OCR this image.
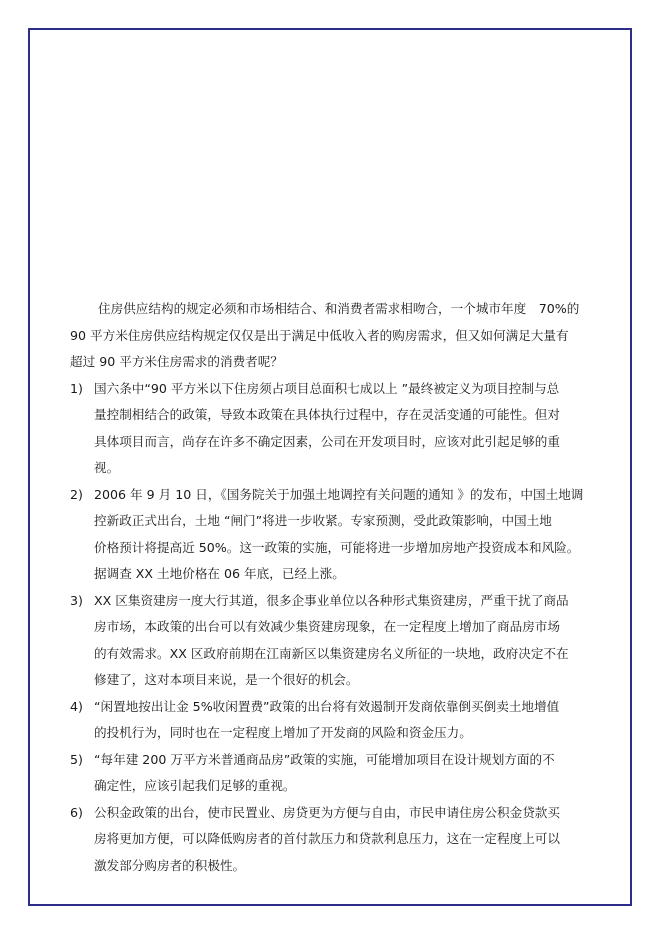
住房供应结构的规定必须和市场相结合、和消费者需求相吻合，一个城市年度　70%的
90 平方米住房供应结构规定仅仅是出于满足中低收入者的购房需求，但又如何满足大量有
超过 90 平方米住房需求的消费者呢？

1) 国六条中“90 平方米以下住房须占项目总面积七成以上 ”最终被定义为项目控制与总
量控制相结合的政策，导致本政策在具体执行过程中，存在灵活变通的可能性。但对
具体项目而言，尚存在许多不确定因素，公司在开发项目时，应该对此引起足够的重
视。
2) 2006 年 9 月 10 日，《国务院关于加强土地调控有关问题的通知 》的发布，中国土地调
控新政正式出台，土地 “闸门”将进一步收紧。专家预测，受此政策影响，中国土地
价格预计将提高近 50%。这一政策的实施，可能将进一步增加房地产投资成本和风险。
据调查 XX 土地价格在 06 年底，已经上涨。
3) XX 区集资建房一度大行其道，很多企事业单位以各种形式集资建房，严重干扰了商品
房市场，本政策的出台可以有效减少集资建房现象，在一定程度上增加了商品房市场
的有效需求。XX 区政府前期在江南新区以集资建房名义所征的一块地，政府决定不在
修建了，这对本项目来说，是一个很好的机会。
4) “闲置地按出让金 5%收闲置费”政策的出台将有效遏制开发商依靠倒买倒卖土地增值
的投机行为，同时也在一定程度上增加了开发商的风险和资金压力。
5) “每年建 200 万平方米普通商品房”政策的实施，可能增加项目在设计规划方面的不
确定性，应该引起我们足够的重视。
6) 公积金政策的出台，使市民置业、房贷更为方便与自由，市民申请住房公积金贷款买
房将更加方便，可以降低购房者的首付款压力和贷款利息压力，这在一定程度上可以
激发部分购房者的积极性。
